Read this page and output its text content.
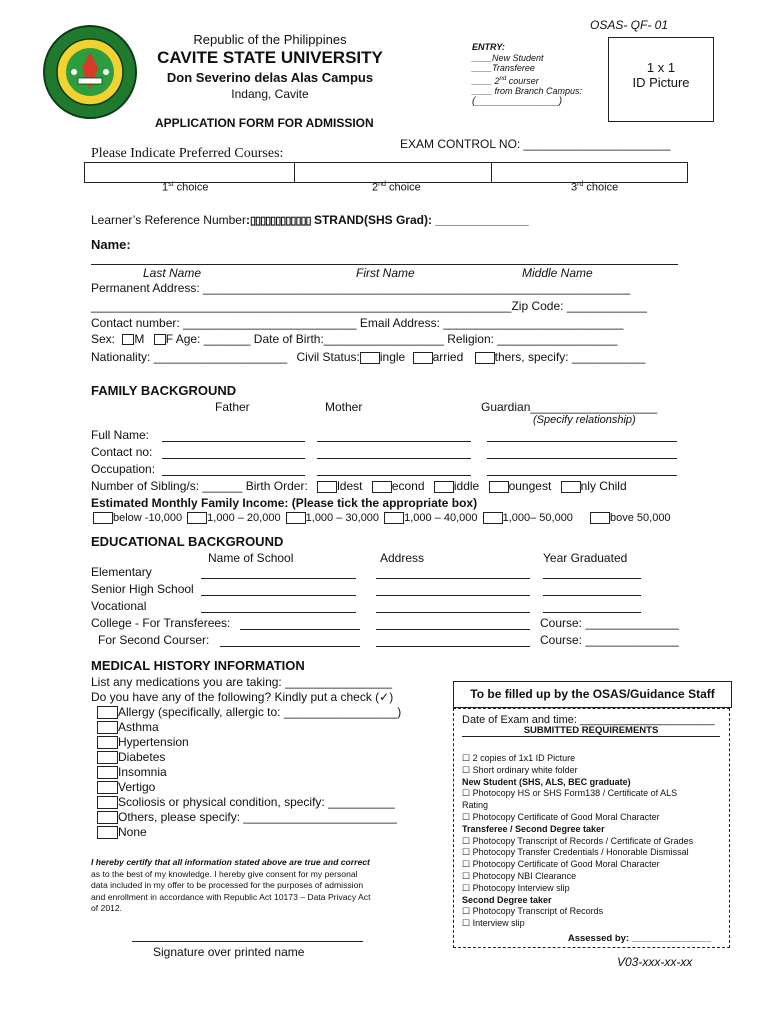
OSAS- QF- 01
Republic of the Philippines
CAVITE STATE UNIVERSITY
Don Severino delas Alas Campus
Indang, Cavite
ENTRY:
____New Student
____Transferee
____ 2nd courser
____ from Branch Campus:
(_______________)
1 x 1
ID Picture
APPLICATION FORM FOR ADMISSION
EXAM CONTROL NO: ______________________
Please Indicate Preferred Courses:
1st choice	2nd choice	3rd choice
Learner’s Reference Number:▯▯▯▯▯▯▯▯▯▯▯▯ STRAND(SHS Grad): ______________
Name:
Last Name	First Name	Middle Name
Permanent Address: ________________________________________________________________
_______________________________________________________________Zip Code: ____________
Contact number: __________________________ Email Address: ___________________________
Sex: M F Age: _______ Date of Birth:__________________ Religion: __________________
Nationality: ____________________ Civil Status: ingle arried	thers, specify: ___________
FAMILY BACKGROUND
Father	Mother	Guardian___________________
(Specify relationship)
Full Name:
Contact no:
Occupation:
Number of Sibling/s: ______ Birth Order: ldest econd iddle oungest nly Child
Estimated Monthly Family Income: (Please tick the appropriate box)
below -10,000 1,000 – 20,000 1,000 – 30,000 1,000 – 40,000 1,000– 50,000	bove 50,000
EDUCATIONAL BACKGROUND
Name of School	Address	Year Graduated
Elementary
Senior High School
Vocational
College - For Transferees:	Course: ______________
For Second Courser:	Course: ______________
MEDICAL HISTORY INFORMATION
List any medications you are taking: ________________
Do you have any of the following? Kindly put a check (✓)
Allergy (specifically, allergic to: _________________)
Asthma
Hypertension
Diabetes
Insomnia
Vertigo
Scoliosis or physical condition, specify: __________
Others, please specify: _______________________
None
I hereby certify that all information stated above are true and correct
as to the best of my knowledge. I hereby give consent for my personal
data included in my offer to be processed for the purposes of admission
and enrollment in accordance with Republic Act 10173 – Data Privacy Act
of 2012.
Signature over printed name
To be filled up by the OSAS/Guidance Staff
Date of Exam and time: ______________________
SUBMITTED REQUIREMENTS
☐ 2 copies of 1x1 ID Picture
☐ Short ordinary white folder
New Student (SHS, ALS, BEC graduate)
☐ Photocopy HS or SHS Form138 / Certificate of ALS
Rating
☐ Photocopy Certificate of Good Moral Character
Transferee / Second Degree taker
☐ Photocopy Transcript of Records / Certificate of Grades
☐ Photocopy Transfer Credentials / Honorable Dismissal
☐ Photocopy Certificate of Good Moral Character
☐ Photocopy NBI Clearance
☐ Photocopy Interview slip
Second Degree taker
☐ Photocopy Transcript of Records
☐ Interview slip
Assessed by: _______________
V03-xxx-xx-xx
